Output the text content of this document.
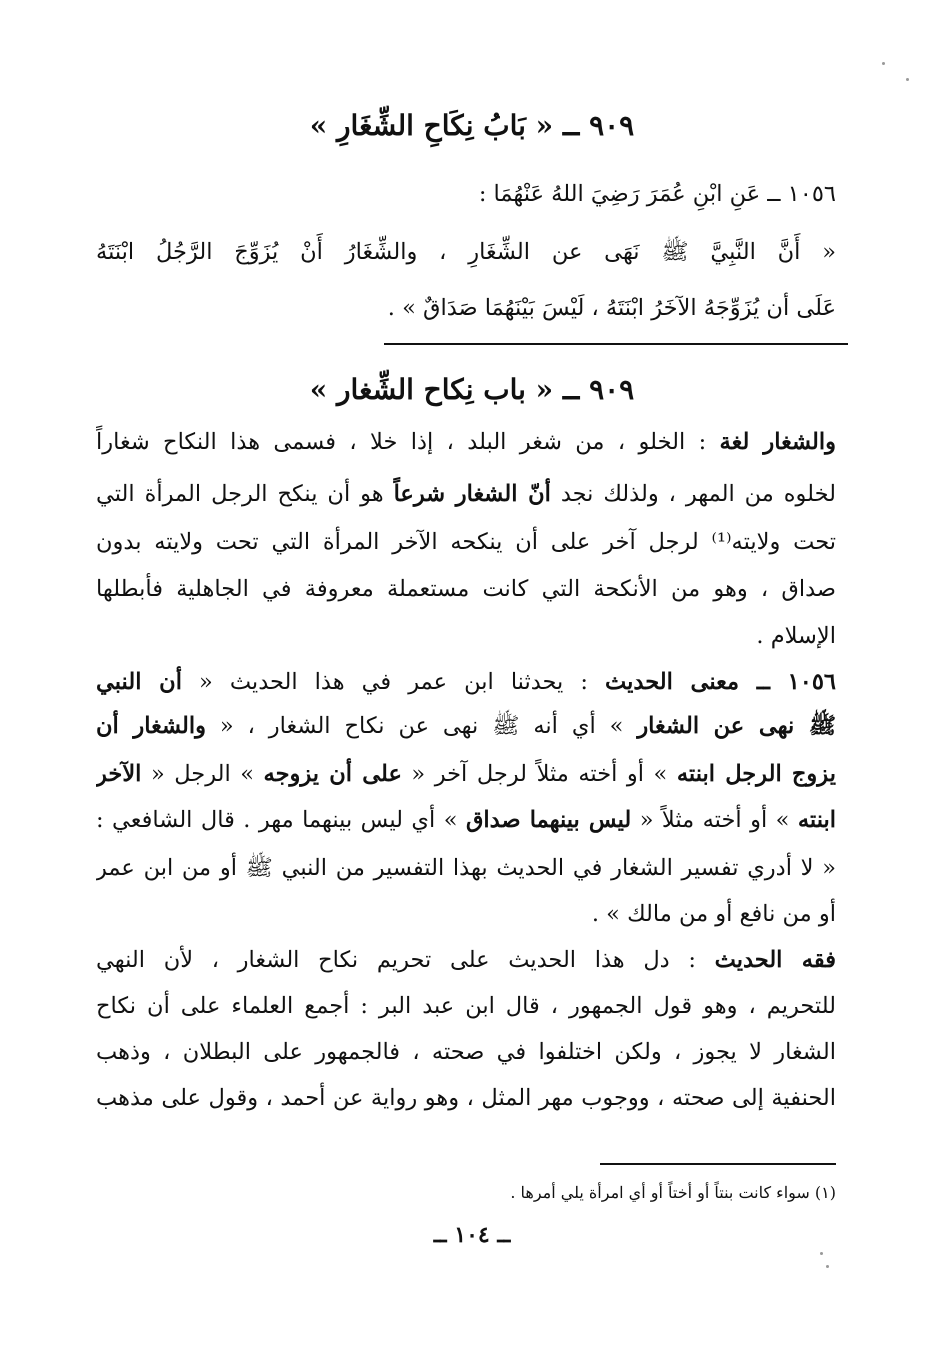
٩٠٩ ــ « بَابُ نِكَاحِ الشِّغَارِ »
١٠٥٦ ــ عَنِ ابْنِ عُمَرَ رَضِيَ اللهُ عَنْهُمَا :
« أَنَّ النَّبِيَّ ﷺ نَهَى عن الشِّغَارِ ، والشِّغَارُ أَنْ يُزَوِّجَ الرَّجُلُ ابْنَتَهُ
عَلَى أن يُزَوِّجَهُ الآخَرُ ابْنَتَهُ ، لَيْسَ بَيْنَهُمَا صَدَاقٌ » .
٩٠٩ ــ « باب نِكاح الشِّغار »
والشغار لغة : الخلو ، من شغر البلد ، إذا خلا ، فسمى هذا النكاح شغاراً
لخلوه من المهر ، ولذلك نجد أنّ الشغار شرعاً هو أن ينكح الرجل المرأة التي
تحت ولايته⁽¹⁾ لرجل آخر على أن ينكحه الآخر المرأة التي تحت ولايته بدون
صداق ، وهو من الأنكحة التي كانت مستعملة معروفة في الجاهلية فأبطلها
الإسلام .
١٠٥٦ ــ معنى الحديث : يحدثنا ابن عمر في هذا الحديث « أن النبي
ﷺ نهى عن الشغار » أي أنه ﷺ نهى عن نكاح الشغار ، « والشغار أن
يزوج الرجل ابنته » أو أخته مثلاً لرجل آخر « على أن يزوجه » الرجل « الآخر
ابنته » أو أخته مثلاً « ليس بينهما صداق » أي ليس بينهما مهر . قال الشافعي :
« لا أدري تفسير الشغار في الحديث بهذا التفسير من النبي ﷺ أو من ابن عمر
أو من نافع أو من مالك » .
فقه الحديث : دل هذا الحديث على تحريم نكاح الشغار ، لأن النهي
للتحريم ، وهو قول الجمهور ، قال ابن عبد البر : أجمع العلماء على أن نكاح
الشغار لا يجوز ، ولكن اختلفوا في صحته ، فالجمهور على البطلان ، وذهب
الحنفية إلى صحته ، ووجوب مهر المثل ، وهو رواية عن أحمد ، وقول على مذهب
(١) سواء كانت بنتاً أو أختاً أو أي امرأة يلي أمرها .
ــ ١٠٤ ــ
